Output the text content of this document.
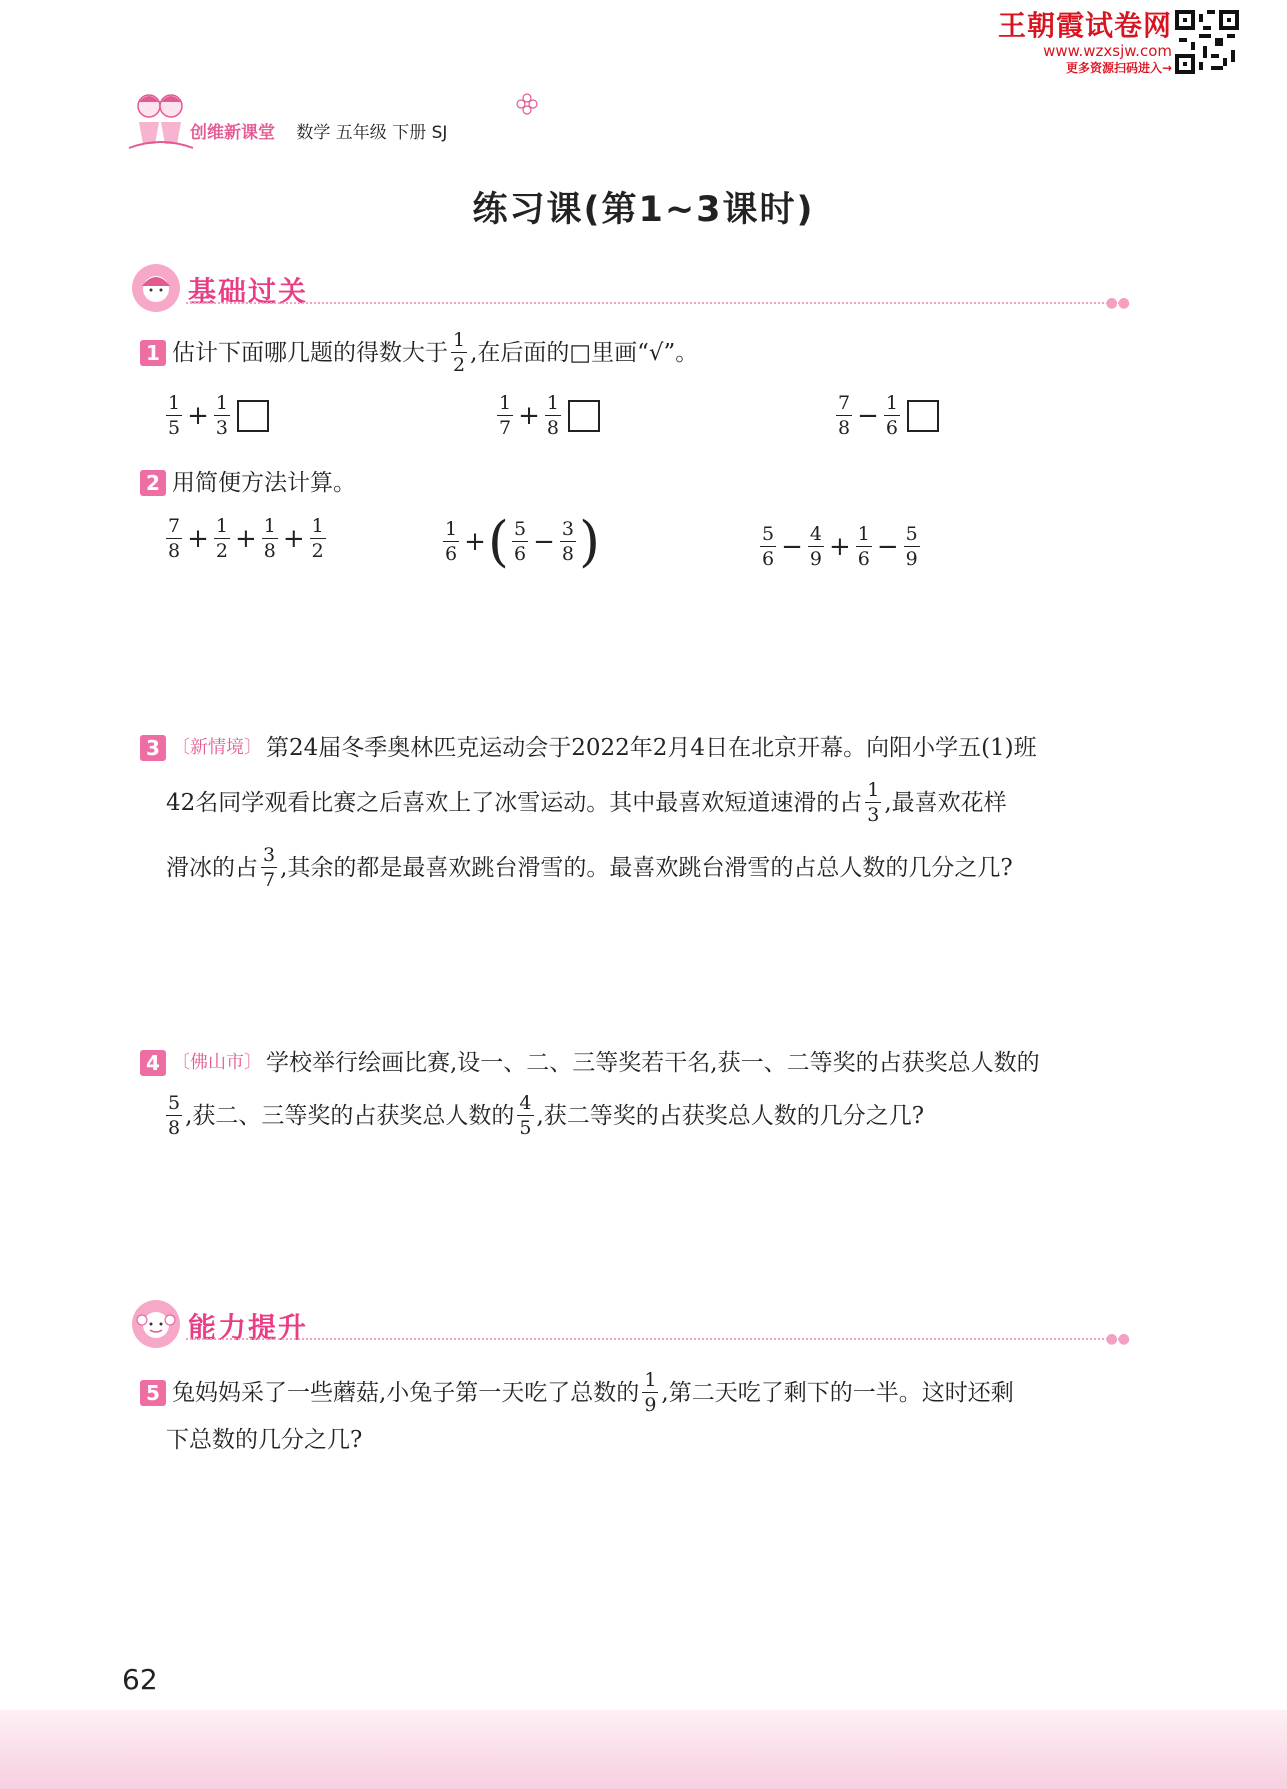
王朝霞试卷网
www.wzxsjw.com
更多资源扫码进入→
创维新课堂 数学 五年级 下册 SJ
练习课(第1~3课时)
基础过关	●●
1 估计下面哪几题的得数大于 $\frac{1}{2}$ ,在后面的□里画“√”。
$\frac{1}{5} + \frac{1}{3}$	$\frac{1}{7} + \frac{1}{8}$	$\frac{7}{8} - \frac{1}{6}$
2 用简便方法计算。
$\frac{7}{8} + \frac{1}{2} + \frac{1}{8} + \frac{1}{2}$	$\frac{1}{6}$ + ( $\frac{5}{6} - \frac{3}{8}$ )	$\frac{5}{6} - \frac{4}{9} + \frac{1}{6} - \frac{5}{9}$
3 〔新情境〕 第24届冬季奥林匹克运动会于2022年2月4日在北京开幕。向阳小学五(1)班
42名同学观看比赛之后喜欢上了冰雪运动。其中最喜欢短道速滑的占 $\frac{1}{3}$ ,最喜欢花样
滑冰的占 $\frac{3}{7}$ ,其余的都是最喜欢跳台滑雪的。最喜欢跳台滑雪的占总人数的几分之几?
4 〔佛山市〕 学校举行绘画比赛,设一、二、三等奖若干名,获一、二等奖的占获奖总人数的
$\frac{5}{8}$ ,获二、三等奖的占获奖总人数的 $\frac{4}{5}$ ,获二等奖的占获奖总人数的几分之几?
能力提升	●●
5 兔妈妈采了一些蘑菇,小兔子第一天吃了总数的 $\frac{1}{9}$ ,第二天吃了剩下的一半。这时还剩
下总数的几分之几?
62
